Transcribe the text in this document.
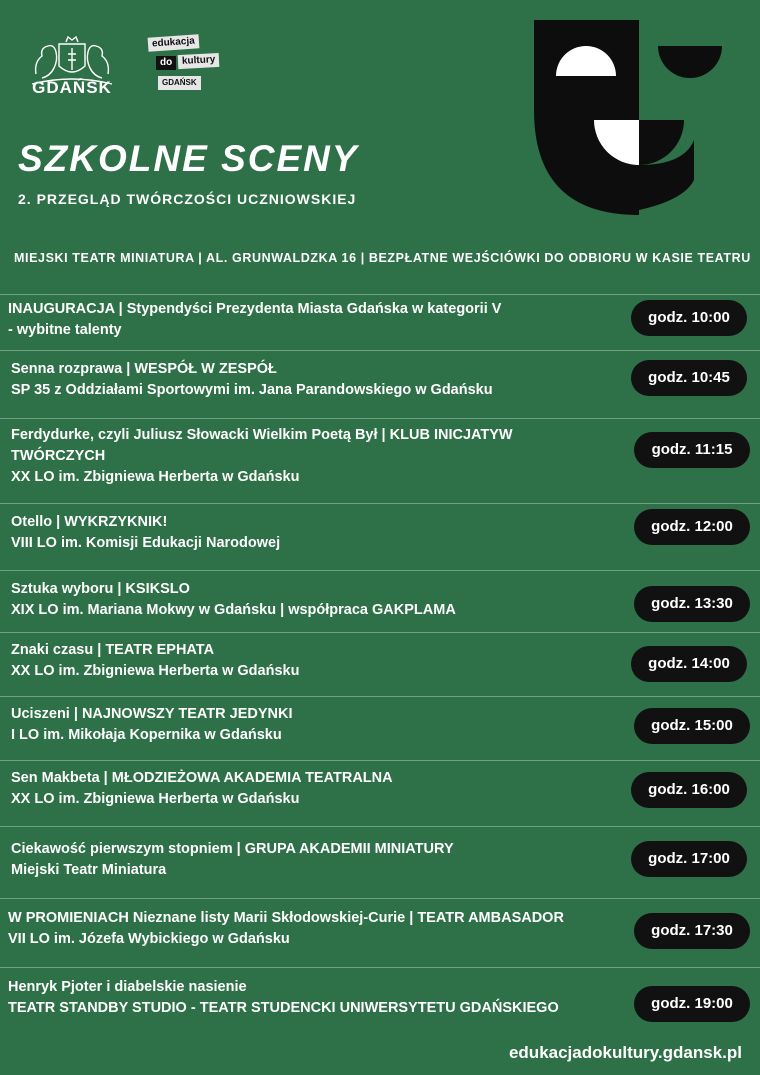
GDAŃSK
edukacja
do kultury
GDAŃSK
SZKOLNE SCENY
2. PRZEGLĄD TWÓRCZOŚCI UCZNIOWSKIEJ
MIEJSKI TEATR MINIATURA | AL. GRUNWALDZKA 16 | BEZPŁATNE WEJŚCIÓWKI DO ODBIORU W KASIE TEATRU
INAUGURACJA | Stypendyści Prezydenta Miasta Gdańska w kategorii V
- wybitne talenty
godz. 10:00
Senna rozprawa | WESPÓŁ W ZESPÓŁ
SP 35 z Oddziałami Sportowymi im. Jana Parandowskiego w Gdańsku
godz. 10:45
Ferdydurke, czyli Juliusz Słowacki Wielkim Poetą Był | KLUB INICJATYW
TWÓRCZYCH
XX LO im. Zbigniewa Herberta w Gdańsku
godz. 11:15
Otello | WYKRZYKNIK!
VIII LO im. Komisji Edukacji Narodowej
godz. 12:00
Sztuka wyboru | KSIKSLO
XIX LO im. Mariana Mokwy w Gdańsku | współpraca GAKPLAMA	godz. 13:30
Znaki czasu | TEATR EPHATA
XX LO im. Zbigniewa Herberta w Gdańsku	godz. 14:00
Uciszeni | NAJNOWSZY TEATR JEDYNKI
I LO im. Mikołaja Kopernika w Gdańsku
godz. 15:00
Sen Makbeta | MŁODZIEŻOWA AKADEMIA TEATRALNA
XX LO im. Zbigniewa Herberta w Gdańsku
godz. 16:00
Ciekawość pierwszym stopniem | GRUPA AKADEMII MINIATURY
Miejski Teatr Miniatura
godz. 17:00
W PROMIENIACH Nieznane listy Marii Skłodowskiej-Curie | TEATR AMBASADOR
VII LO im. Józefa Wybickiego w Gdańsku	godz. 17:30
Henryk Pjoter i diabelskie nasienie
TEATR STANDBY STUDIO - TEATR STUDENCKI UNIWERSYTETU GDAŃSKIEGO	godz. 19:00
edukacjadokultury.gdansk.pl
